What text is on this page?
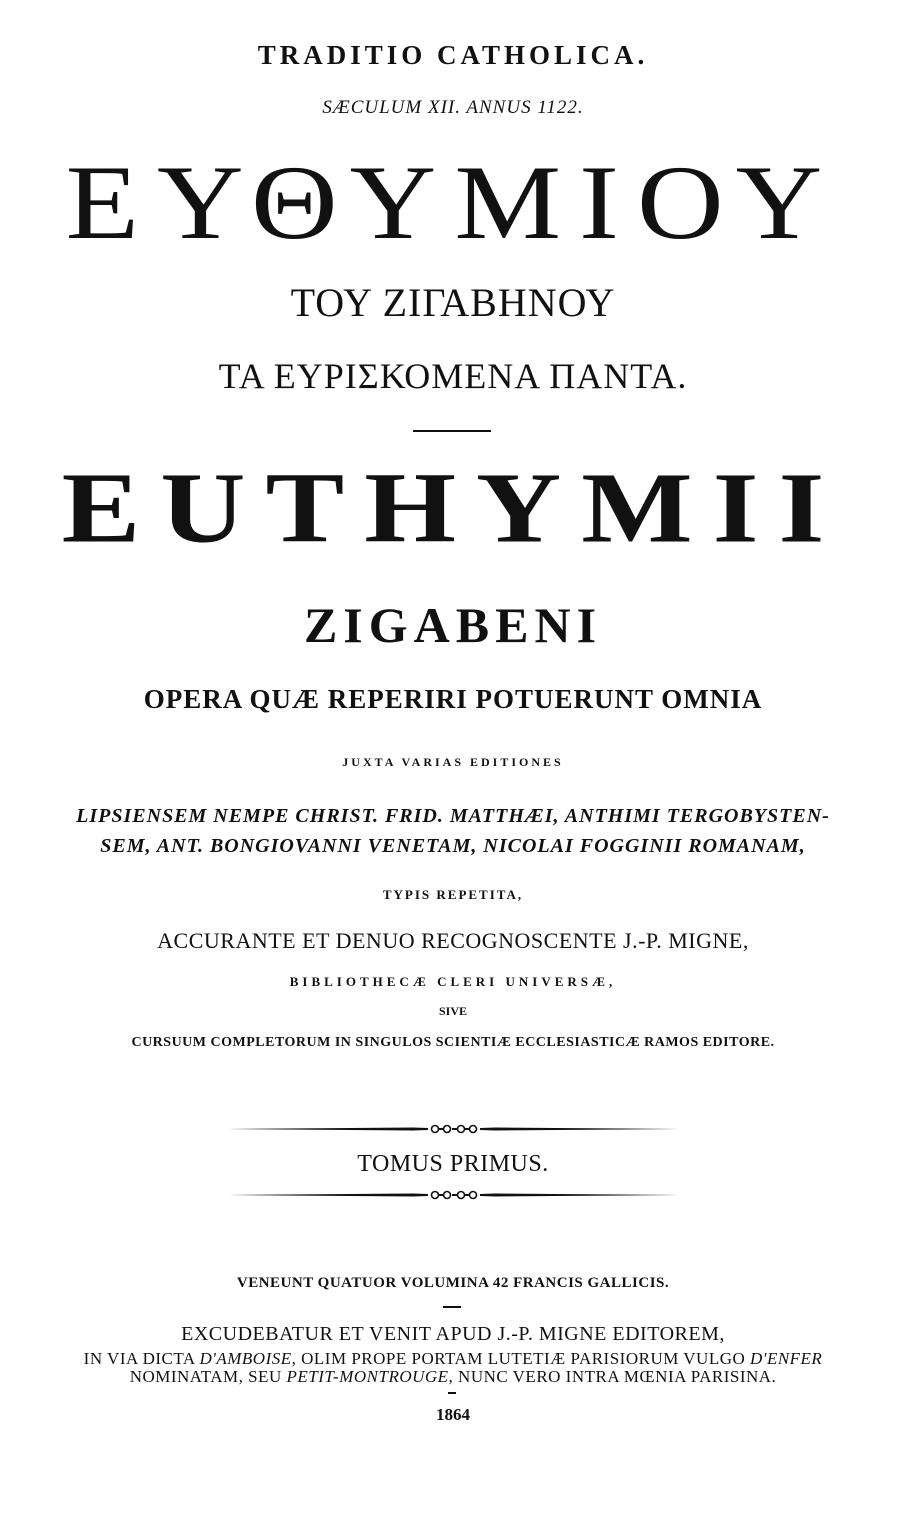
TRADITIO CATHOLICA.
SÆCULUM XII. ANNUS 1122.
ΕΥΘΥΜΙΟΥ
ΤΟΥ ΖΙΓΑΒΗΝΟΥ
ΤΑ ΕΥΡΙΣΚΟΜΕΝΑ ΠΑΝΤΑ.
EUTHYMII
ZIGABENI
OPERA QUÆ REPERIRI POTUERUNT OMNIA
JUXTA VARIAS EDITIONES
LIPSIENSEM NEMPE CHRIST. FRID. MATTHÆI, ANTHIMI TERGOBYSTEN-
SEM, ANT. BONGIOVANNI VENETAM, NICOLAI FOGGINII ROMANAM,
TYPIS REPETITA,
ACCURANTE ET DENUO RECOGNOSCENTE J.-P. MIGNE,
BIBLIOTHECÆ CLERI UNIVERSÆ,
SIVE
CURSUUM COMPLETORUM IN SINGULOS SCIENTIÆ ECCLESIASTICÆ RAMOS EDITORE.
TOMUS PRIMUS.
VENEUNT QUATUOR VOLUMINA 42 FRANCIS GALLICIS.
EXCUDEBATUR ET VENIT APUD J.-P. MIGNE EDITOREM,
IN VIA DICTA D'AMBOISE, OLIM PROPE PORTAM LUTETIÆ PARISIORUM VULGO D'ENFER
NOMINATAM, SEU PETIT-MONTROUGE, NUNC VERO INTRA MŒNIA PARISINA.
1864
